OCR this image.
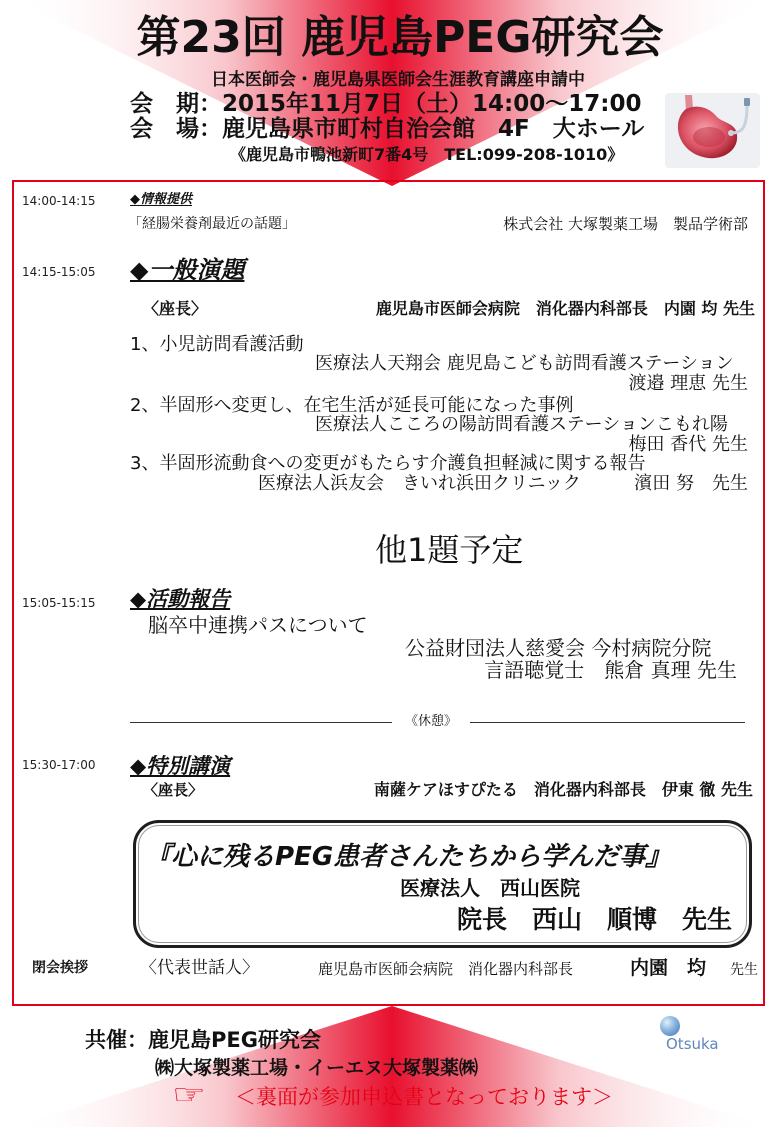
第23回 鹿児島PEG研究会
日本医師会・鹿児島県医師会生涯教育講座申請中
会　期：2015年11月7日（土）14:00～17:00
会　場：鹿児島県市町村自治会館　4F　大ホール
《鹿児島市鴨池新町7番4号　TEL:099-208-1010》
14:00-14:15	◆情報提供
「経腸栄養剤最近の話題」	株式会社 大塚製薬工場　製品学術部
14:15-15:05 ◆一般演題
〈座長〉	鹿児島市医師会病院　消化器内科部長　内園 均 先生
1、小児訪問看護活動
医療法人天翔会 鹿児島こども訪問看護ステーション
渡邉 理恵 先生
2、半固形へ変更し、在宅生活が延長可能になった事例
医療法人こころの陽訪問看護ステーションこもれ陽
梅田 香代 先生
3、半固形流動食への変更がもたらす介護負担軽減に関する報告
医療法人浜友会　きいれ浜田クリニック	濱田 努　先生
他1題予定
15:05-15:15 ◆活動報告
脳卒中連携パスについて
公益財団法人慈愛会 今村病院分院
言語聴覚士　熊倉 真理 先生
《休憩》
15:30-17:00 ◆特別講演
〈座長〉	南薩ケアほすぴたる　消化器内科部長　伊東 徹 先生
『心に残るPEG患者さんたちから学んだ事』
医療法人　西山医院
院長　西山　順博　先生
閉会挨拶	〈代表世話人〉	鹿児島市医師会病院　消化器内科部長	内園　均 先生
共催：鹿児島PEG研究会
㈱大塚製薬工場・イーエヌ大塚製薬㈱
☞
＜裏面が参加申込書となっております＞
Otsuka
